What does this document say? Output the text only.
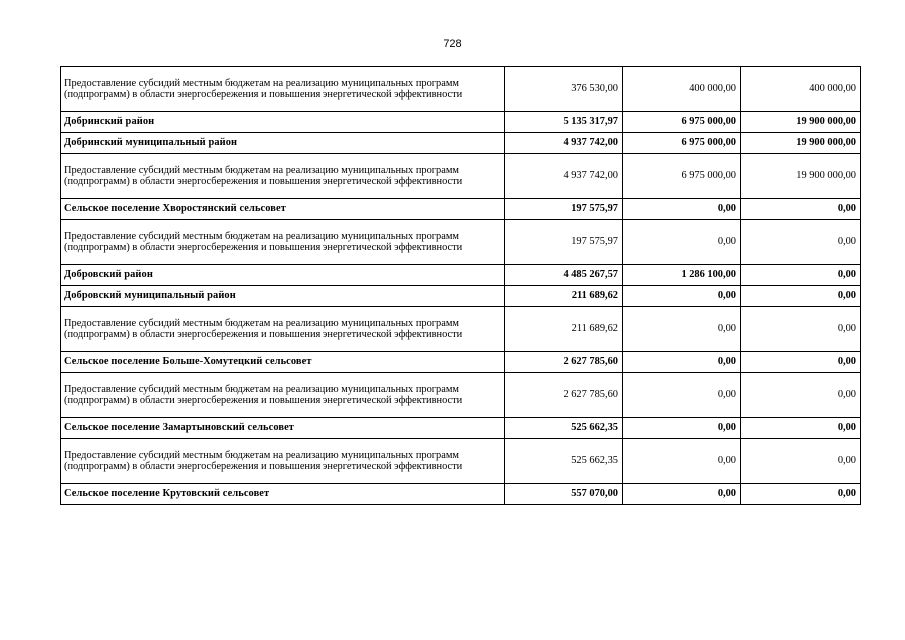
728
Предоставление субсидий местным бюджетам на реализацию муниципальных программ (подпрограмм) в области энергосбережения и повышения энергетической эффективности	376 530,00	400 000,00	400 000,00
Добринский район	5 135 317,97	6 975 000,00	19 900 000,00
Добринский муниципальный район	4 937 742,00	6 975 000,00	19 900 000,00
Предоставление субсидий местным бюджетам на реализацию муниципальных программ (подпрограмм) в области энергосбережения и повышения энергетической эффективности	4 937 742,00	6 975 000,00	19 900 000,00
Сельское поселение Хворостянский сельсовет	197 575,97	0,00	0,00
Предоставление субсидий местным бюджетам на реализацию муниципальных программ (подпрограмм) в области энергосбережения и повышения энергетической эффективности	197 575,97	0,00	0,00
Добровский район	4 485 267,57	1 286 100,00	0,00
Добровский муниципальный район	211 689,62	0,00	0,00
Предоставление субсидий местным бюджетам на реализацию муниципальных программ (подпрограмм) в области энергосбережения и повышения энергетической эффективности	211 689,62	0,00	0,00
Сельское поселение Больше-Хомутецкий сельсовет	2 627 785,60	0,00	0,00
Предоставление субсидий местным бюджетам на реализацию муниципальных программ (подпрограмм) в области энергосбережения и повышения энергетической эффективности	2 627 785,60	0,00	0,00
Сельское поселение Замартыновский сельсовет	525 662,35	0,00	0,00
Предоставление субсидий местным бюджетам на реализацию муниципальных программ (подпрограмм) в области энергосбережения и повышения энергетической эффективности	525 662,35	0,00	0,00
Сельское поселение Крутовский сельсовет	557 070,00	0,00	0,00
